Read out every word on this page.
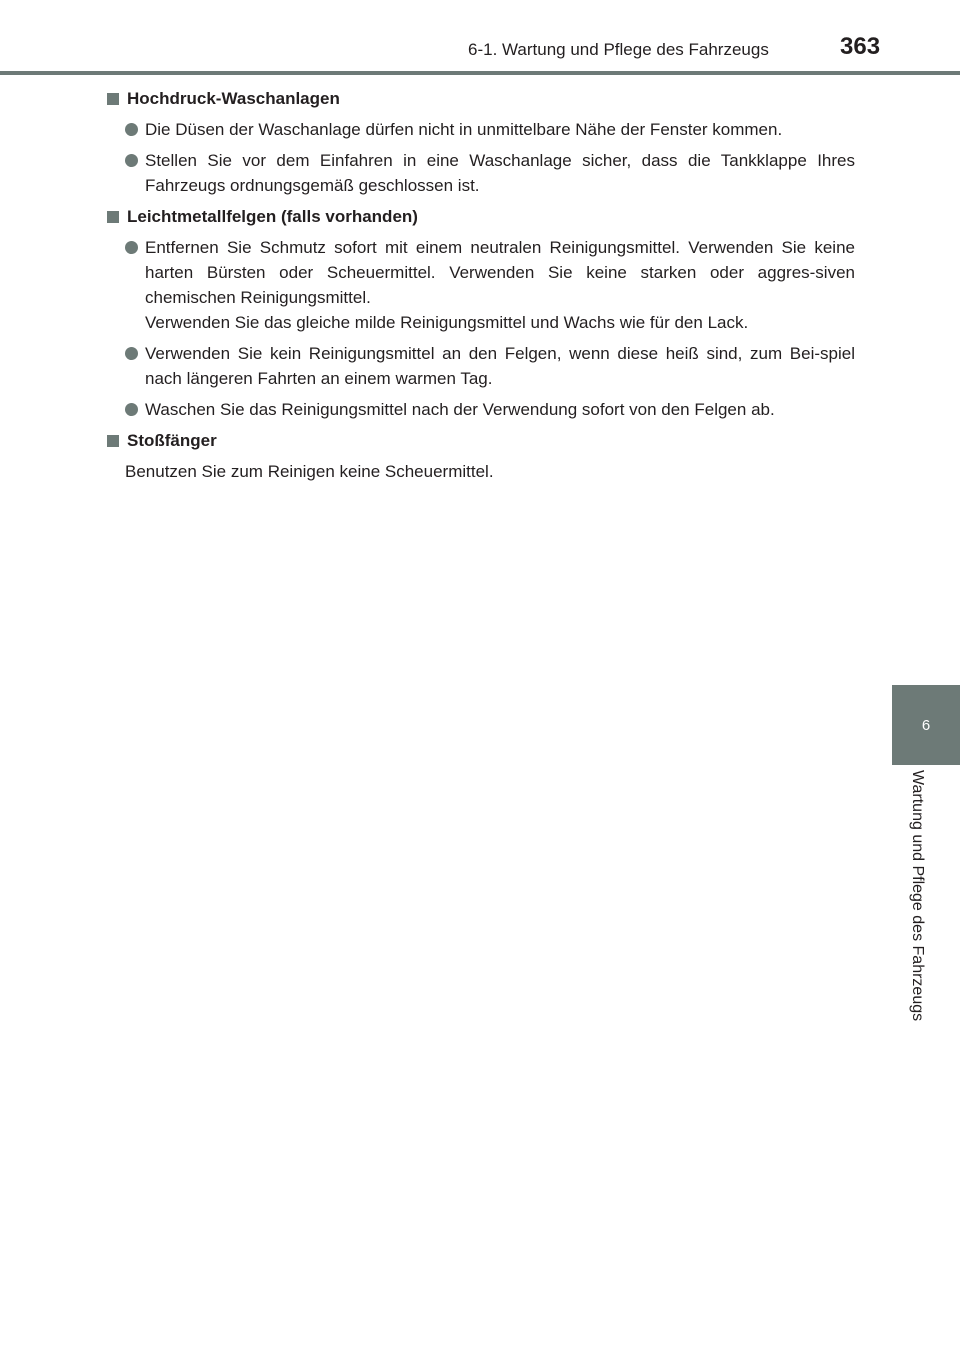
6-1. Wartung und Pflege des Fahrzeugs	363
6
Wartung und Pflege des Fahrzeugs
Hochdruck-Waschanlagen

Die Düsen der Waschanlage dürfen nicht in unmittelbare Nähe der Fenster kommen.

Stellen Sie vor dem Einfahren in eine Waschanlage sicher, dass die Tankklappe Ihres Fahrzeugs ordnungsgemäß geschlossen ist.

Leichtmetallfelgen (falls vorhanden)

Entfernen Sie Schmutz sofort mit einem neutralen Reinigungsmittel. Verwenden Sie keine harten Bürsten oder Scheuermittel. Verwenden Sie keine starken oder aggres-siven chemischen Reinigungsmittel.

Verwenden Sie das gleiche milde Reinigungsmittel und Wachs wie für den Lack.

Verwenden Sie kein Reinigungsmittel an den Felgen, wenn diese heiß sind, zum Bei-spiel nach längeren Fahrten an einem warmen Tag.

Waschen Sie das Reinigungsmittel nach der Verwendung sofort von den Felgen ab.

Stoßfänger

Benutzen Sie zum Reinigen keine Scheuermittel.
